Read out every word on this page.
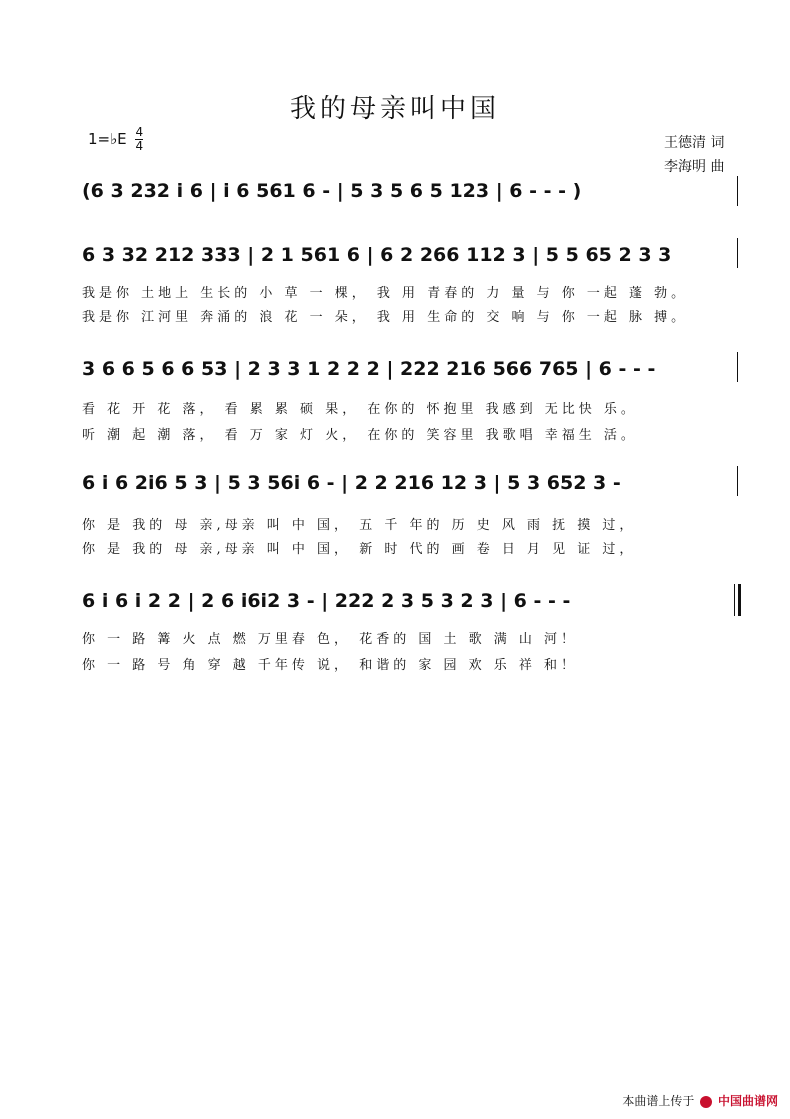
我的母亲叫中国
1=♭E $\frac{4}{4}$	王德清 词
李海明 曲
(6 3 232 i 6 | i 6 561 6 - | 5 3 5 6 5 123 | 6 - - - )
6 3 32 212 333 | 2 1 561 6 | 6 2 266 112 3 | 5 5 65 2 3 3
我是你 土地上 生长的 小 草 一 棵， 我 用 青春的 力 量 与 你 一起 蓬 勃。
我是你 江河里 奔涌的 浪 花 一 朵， 我 用 生命的 交 响 与 你 一起 脉 搏。
3 6 6 5 6 6 53 | 2 3 3 1 2 2 2 | 222 216 566 765 | 6 - - -
看 花 开 花 落， 看 累 累 硕 果， 在你的 怀抱里 我感到 无比快 乐。
听 潮 起 潮 落， 看 万 家 灯 火， 在你的 笑容里 我歌唱 幸福生 活。
6 i 6 2i6 5 3 | 5 3 56i 6 - | 2 2 216 12 3 | 5 3 652 3 -
你 是 我的 母 亲,母亲 叫 中 国， 五 千 年的 历 史 风 雨 抚 摸 过，
你 是 我的 母 亲,母亲 叫 中 国， 新 时 代的 画 卷 日 月 见 证 过，
6 i 6 i 2 2 | 2 6 i6i2 3 - | 222 2 3 5 3 2 3 | 6 - - -
你 一 路 篝 火 点 燃 万里春 色， 花香的 国 土 歌 满 山 河！
你 一 路 号 角 穿 越 千年传 说， 和谐的 家 园 欢 乐 祥 和！
本曲谱上传于 中国曲谱网
